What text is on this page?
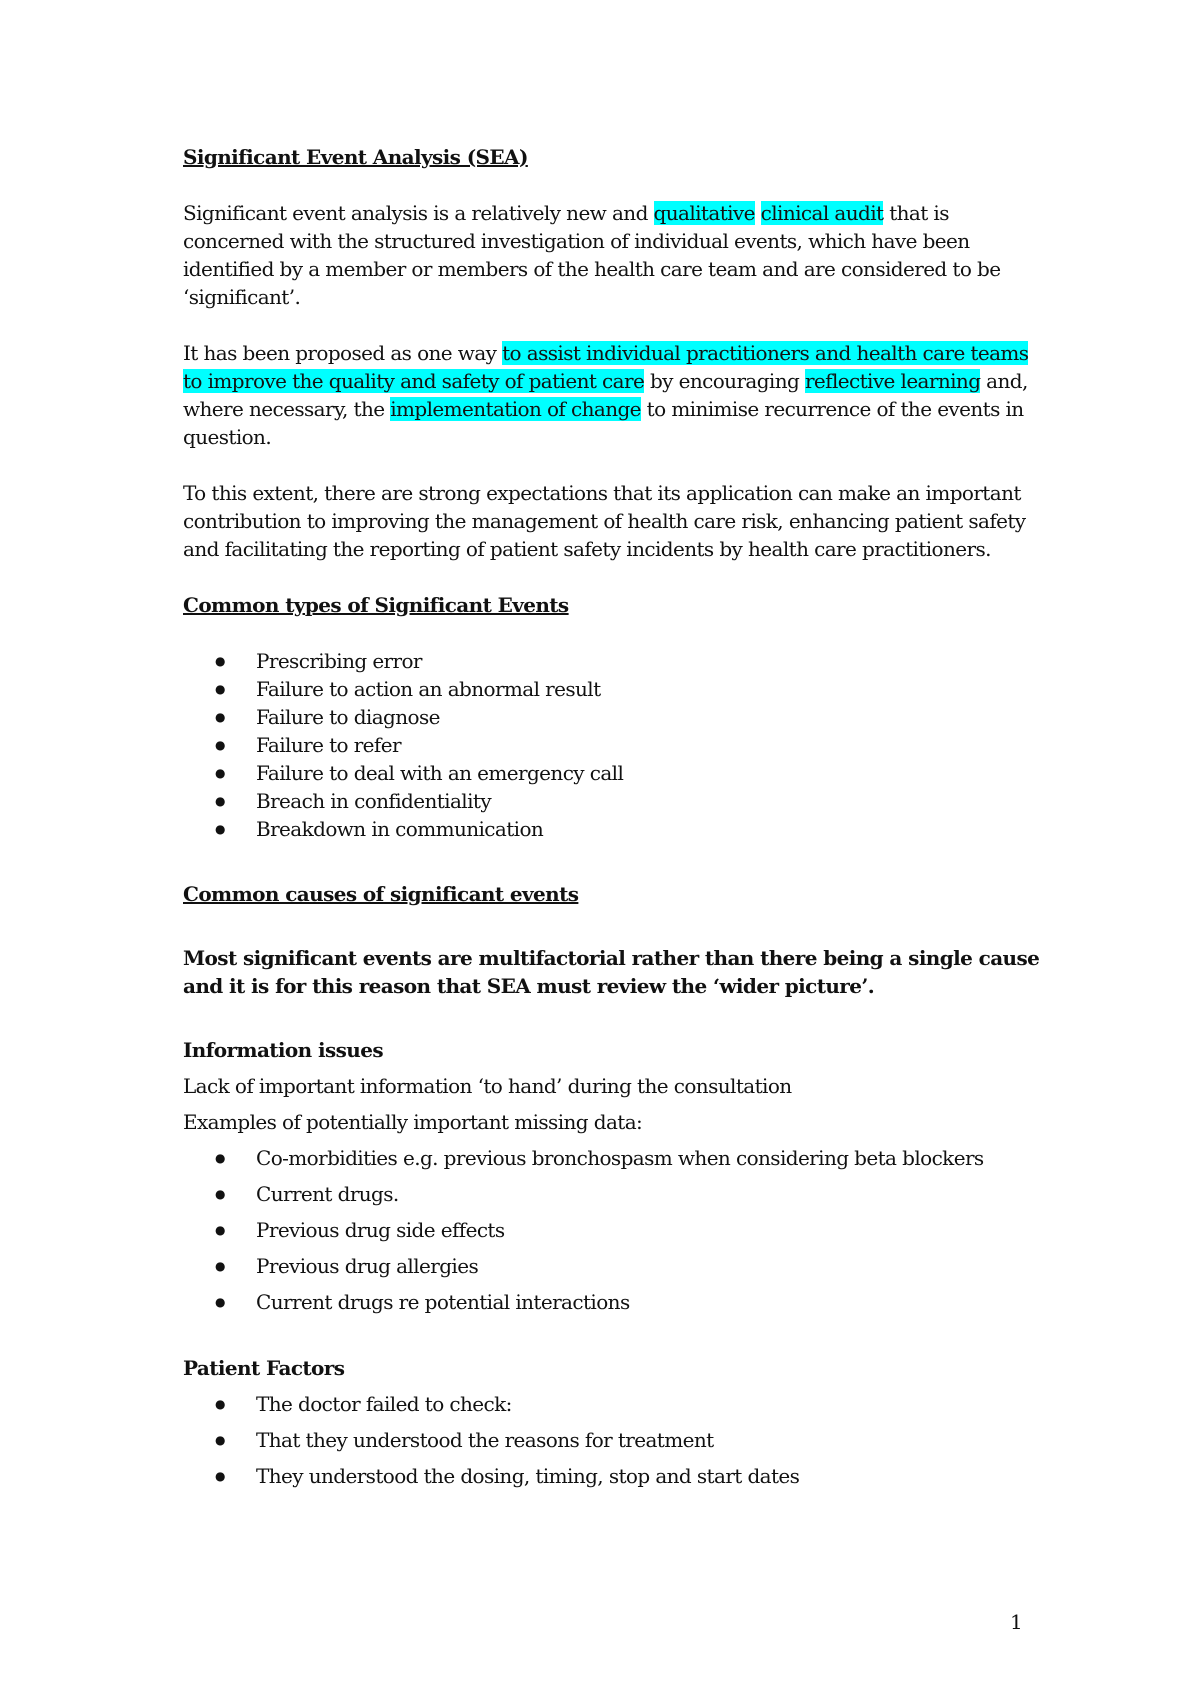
Significant Event Analysis (SEA)

Significant event analysis is a relatively new and qualitative clinical audit that is concerned with the structured investigation of individual events, which have been identified by a member or members of the health care team and are considered to be ‘significant’.

It has been proposed as one way to assist individual practitioners and health care teams to improve the quality and safety of patient care by encouraging reflective learning and, where necessary, the implementation of change to minimise recurrence of the events in question.

To this extent, there are strong expectations that its application can make an important contribution to improving the management of health care risk, enhancing patient safety and facilitating the reporting of patient safety incidents by health care practitioners.

Common types of Significant Events

● Prescribing error
● Failure to action an abnormal result
● Failure to diagnose
● Failure to refer
● Failure to deal with an emergency call
● Breach in confidentiality
● Breakdown in communication

Common causes of significant events

Most significant events are multifactorial rather than there being a single cause and it is for this reason that SEA must review the ‘wider picture’.

Information issues

Lack of important information ‘to hand’ during the consultation

Examples of potentially important missing data:

● Co-morbidities e.g. previous bronchospasm when considering beta blockers
● Current drugs.
● Previous drug side effects
● Previous drug allergies
● Current drugs re potential interactions

Patient Factors

● The doctor failed to check:
● That they understood the reasons for treatment
● They understood the dosing, timing, stop and start dates
1
